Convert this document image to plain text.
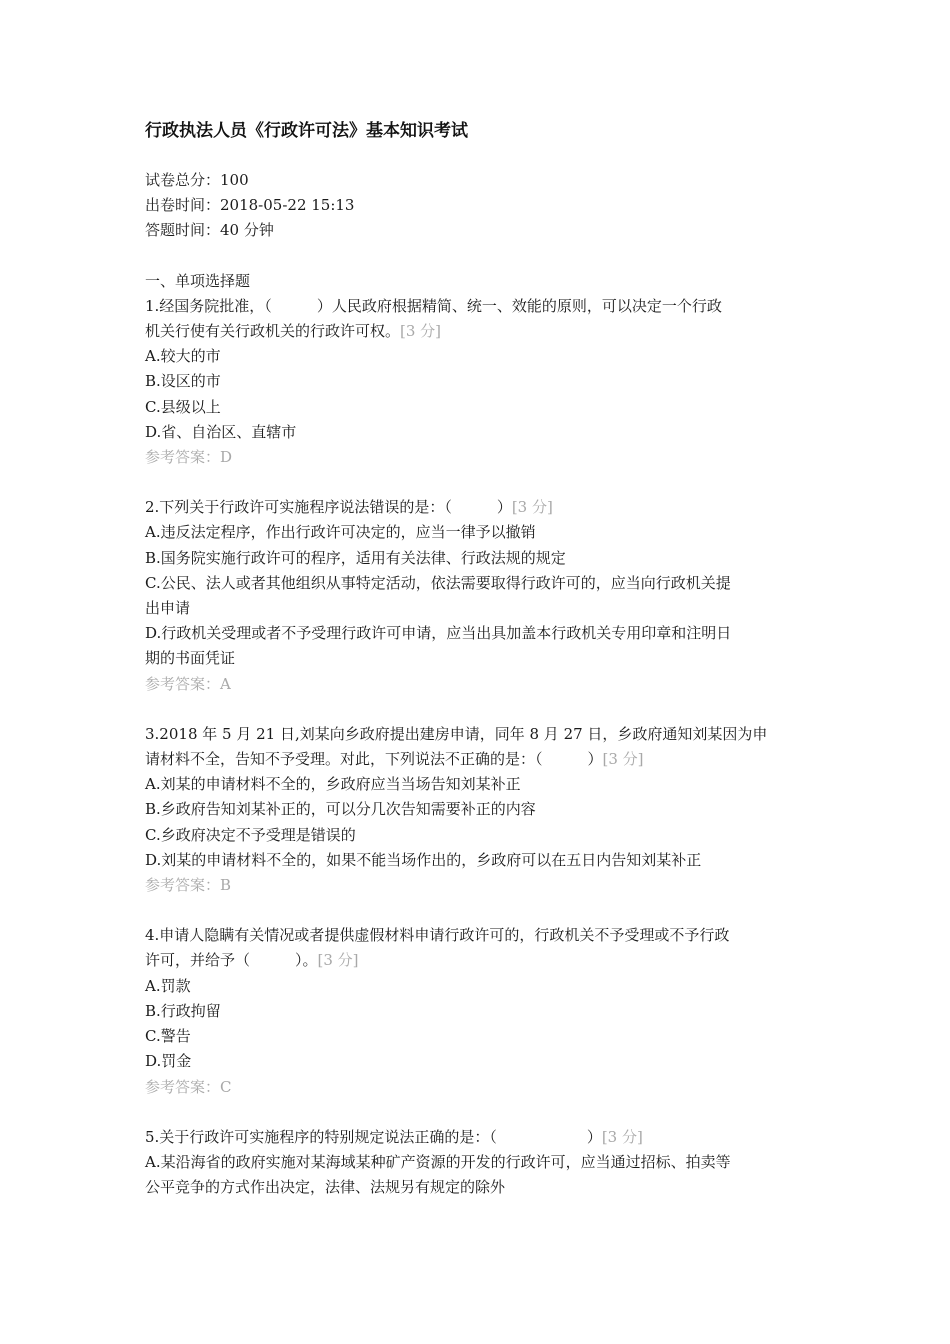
行政执法人员《行政许可法》基本知识考试

试卷总分：100

出卷时间：2018-05-22 15:13

答题时间：40 分钟

一、单项选择题

1.经国务院批准，（　　　）人民政府根据精简、统一、效能的原则，可以决定一个行政

机关行使有关行政机关的行政许可权。[3 分]

A.较大的市

B.设区的市

C.县级以上

D.省、自治区、直辖市

参考答案：D

2.下列关于行政许可实施程序说法错误的是：（　　　）[3 分]

A.违反法定程序，作出行政许可决定的，应当一律予以撤销

B.国务院实施行政许可的程序，适用有关法律、行政法规的规定

C.公民、法人或者其他组织从事特定活动，依法需要取得行政许可的，应当向行政机关提

出申请

D.行政机关受理或者不予受理行政许可申请，应当出具加盖本行政机关专用印章和注明日

期的书面凭证

参考答案：A

3.2018 年 5 月 21 日,刘某向乡政府提出建房申请，同年 8 月 27 日，乡政府通知刘某因为申

请材料不全，告知不予受理。对此，下列说法不正确的是：（　　　）[3 分]

A.刘某的申请材料不全的，乡政府应当当场告知刘某补正

B.乡政府告知刘某补正的，可以分几次告知需要补正的内容

C.乡政府决定不予受理是错误的

D.刘某的申请材料不全的，如果不能当场作出的，乡政府可以在五日内告知刘某补正

参考答案：B

4.申请人隐瞒有关情况或者提供虚假材料申请行政许可的，行政机关不予受理或不予行政

许可，并给予（　　　）。[3 分]

A.罚款

B.行政拘留

C.警告

D.罚金

参考答案：C

5.关于行政许可实施程序的特别规定说法正确的是：（　　　　　　）[3 分]

A.某沿海省的政府实施对某海域某种矿产资源的开发的行政许可，应当通过招标、拍卖等

公平竞争的方式作出决定，法律、法规另有规定的除外
